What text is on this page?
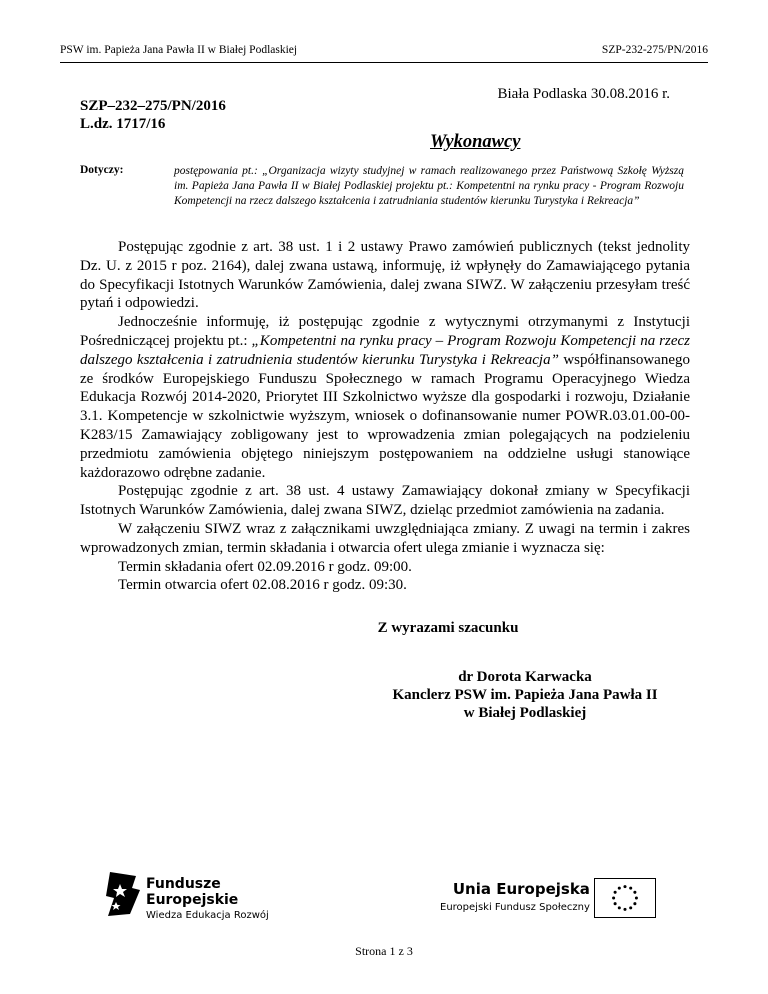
PSW im. Papieża Jana Pawła II w Białej Podlaskiej	SZP-232-275/PN/2016
Biała Podlaska 30.08.2016 r.
SZP–232–275/PN/2016
L.dz. 1717/16
Wykonawcy
Dotyczy:	postępowania pt.: „Organizacja wizyty studyjnej w ramach realizowanego przez Państwową Szkołę Wyższą im. Papieża Jana Pawła II w Białej Podlaskiej projektu pt.: Kompetentni na rynku pracy - Program Rozwoju Kompetencji na rzecz dalszego kształcenia i zatrudniania studentów kierunku Turystyka i Rekreacja”

Postępując zgodnie z art. 38 ust. 1 i 2 ustawy Prawo zamówień publicznych (tekst jednolity Dz. U. z 2015 r poz. 2164), dalej zwana ustawą, informuję, iż wpłynęły do Zamawiającego pytania do Specyfikacji Istotnych Warunków Zamówienia, dalej zwana SIWZ. W załączeniu przesyłam treść pytań i odpowiedzi.

Jednocześnie informuję, iż postępując zgodnie z wytycznymi otrzymanymi z Instytucji Pośredniczącej projektu pt.: „Kompetentni na rynku pracy – Program Rozwoju Kompetencji na rzecz dalszego kształcenia i zatrudnienia studentów kierunku Turystyka i Rekreacja” współfinansowanego ze środków Europejskiego Funduszu Społecznego w ramach Programu Operacyjnego Wiedza Edukacja Rozwój 2014-2020, Priorytet III Szkolnictwo wyższe dla gospodarki i rozwoju, Działanie 3.1. Kompetencje w szkolnictwie wyższym, wniosek o dofinansowanie numer POWR.03.01.00-00-K283/15 Zamawiający zobligowany jest to wprowadzenia zmian polegających na podzieleniu przedmiotu zamówienia objętego niniejszym postępowaniem na oddzielne usługi stanowiące każdorazowo odrębne zadanie.

Postępując zgodnie z art. 38 ust. 4 ustawy Zamawiający dokonał zmiany w Specyfikacji Istotnych Warunków Zamówienia, dalej zwana SIWZ, dzieląc przedmiot zamówienia na zadania.

W załączeniu SIWZ wraz z załącznikami uwzględniająca zmiany. Z uwagi na termin i zakres wprowadzonych zmian, termin składania i otwarcia ofert ulega zmianie i wyznacza się:

Termin składania ofert 02.09.2016 r godz. 09:00.

Termin otwarcia ofert 02.08.2016 r godz. 09:30.

Z wyrazami szacunku
dr Dorota Karwacka
Kanclerz PSW im. Papieża Jana Pawła II
w Białej Podlaskiej
Fundusze
Europejskie
Wiedza Edukacja Rozwój
Unia Europejska
Europejski Fundusz Społeczny
Strona 1 z 3
